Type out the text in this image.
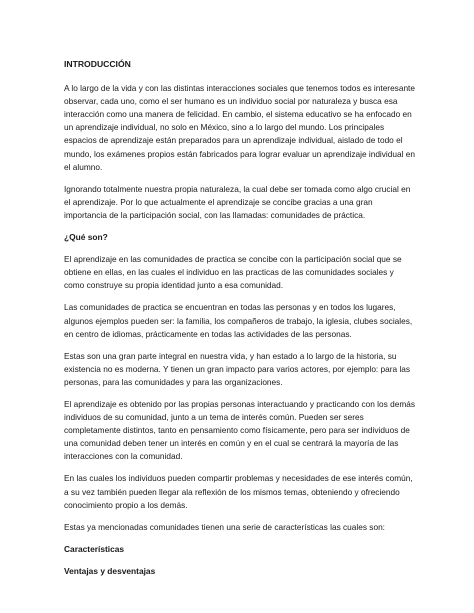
INTRODUCCIÓN

A lo largo de la vida y con las distintas interacciones sociales que tenemos todos es interesante observar, cada uno, como el ser humano es un individuo social por naturaleza y busca esa interacción como una manera de felicidad. En cambio, el sistema educativo se ha enfocado en un aprendizaje individual, no solo en México, sino a lo largo del mundo. Los principales espacios de aprendizaje están preparados para un aprendizaje individual, aislado de todo el mundo, los exámenes propios están fabricados para lograr evaluar un aprendizaje individual en el alumno.

Ignorando totalmente nuestra propia naturaleza, la cual debe ser tomada como algo crucial en el aprendizaje. Por lo que actualmente el aprendizaje se concibe gracias a una gran importancia de la participación social, con las llamadas: comunidades de práctica.

¿Qué son?

El aprendizaje en las comunidades de practica se concibe con la participación social que se obtiene en ellas, en las cuales el individuo en las practicas de las comunidades sociales y como construye su propia identidad junto a esa comunidad.

Las comunidades de practica se encuentran en todas las personas y en todos los lugares, algunos ejemplos pueden ser: la familia, los compañeros de trabajo, la iglesia, clubes sociales, en centro de idiomas, prácticamente en todas las actividades de las personas.

Estas son una gran parte integral en nuestra vida, y han estado a lo largo de la historia, su existencia no es moderna. Y tienen un gran impacto para varios actores, por ejemplo: para las personas, para las comunidades y para las organizaciones.

El aprendizaje es obtenido por las propias personas interactuando y practicando con los demás individuos de su comunidad, junto a un tema de interés común. Pueden ser seres completamente distintos, tanto en pensamiento como físicamente, pero para ser individuos de una comunidad deben tener un interés en común y en el cual se centrará la mayoría de las interacciones con la comunidad.

En las cuales los individuos pueden compartir problemas y necesidades de ese interés común, a su vez también pueden llegar ala reflexión de los mismos temas, obteniendo y ofreciendo conocimiento propio a los demás.

Estas ya mencionadas comunidades tienen una serie de características las cuales son:

Características
Ventajas y desventajas
